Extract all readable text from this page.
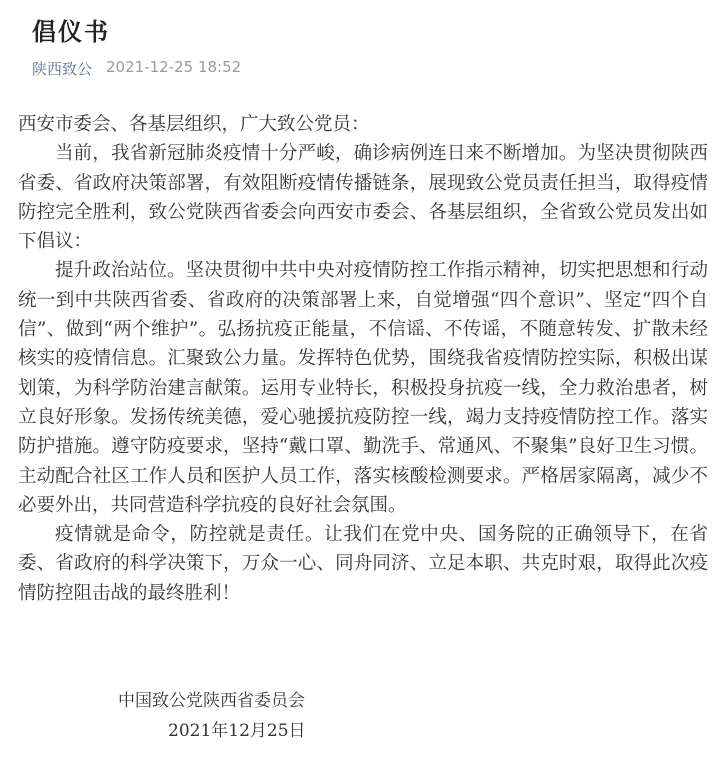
倡仪书
陕西致公 2021-12-25 18:52

西安市委会、各基层组织，广大致公党员：

当前，我省新冠肺炎疫情十分严峻，确诊病例连日来不断增加。为坚决贯彻陕西省委、省政府决策部署，有效阻断疫情传播链条，展现致公党员责任担当，取得疫情防控完全胜利，致公党陕西省委会向西安市委会、各基层组织，全省致公党员发出如下倡议：

提升政治站位。坚决贯彻中共中央对疫情防控工作指示精神，切实把思想和行动统一到中共陕西省委、省政府的决策部署上来，自觉增强“四个意识”、坚定“四个自信”、做到“两个维护”。弘扬抗疫正能量，不信谣、不传谣，不随意转发、扩散未经核实的疫情信息。汇聚致公力量。发挥特色优势，围绕我省疫情防控实际，积极出谋划策，为科学防治建言献策。运用专业特长，积极投身抗疫一线，全力救治患者，树立良好形象。发扬传统美德，爱心驰援抗疫防控一线，竭力支持疫情防控工作。落实防护措施。遵守防疫要求，坚持“戴口罩、勤洗手、常通风、不聚集”良好卫生习惯。主动配合社区工作人员和医护人员工作，落实核酸检测要求。严格居家隔离，减少不必要外出，共同营造科学抗疫的良好社会氛围。

疫情就是命令，防控就是责任。让我们在党中央、国务院的正确领导下，在省委、省政府的科学决策下，万众一心、同舟同济、立足本职、共克时艰，取得此次疫情防控阻击战的最终胜利！

中国致公党陕西省委员会
2021年12月25日
